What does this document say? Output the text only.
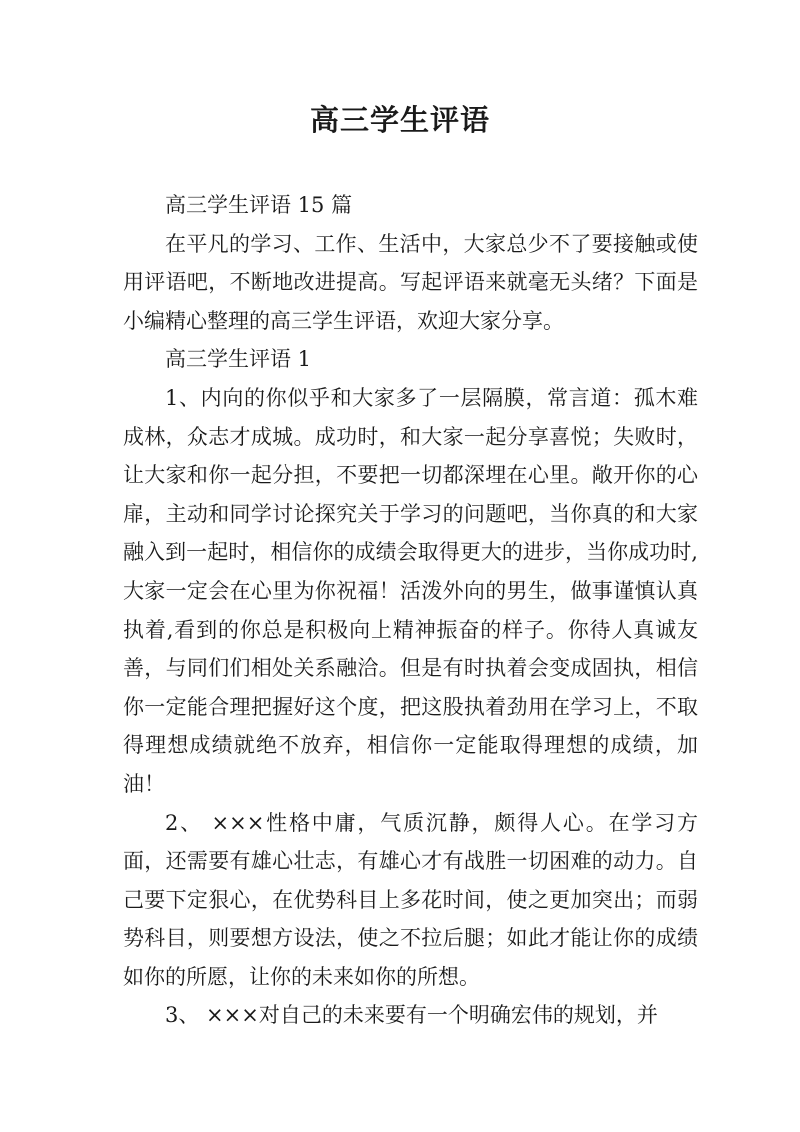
高三学生评语

高三学生评语 15 篇

在平凡的学习、工作、生活中，大家总少不了要接触或使用评语吧，不断地改进提高。写起评语来就毫无头绪？下面是小编精心整理的高三学生评语，欢迎大家分享。

高三学生评语 1

1、内向的你似乎和大家多了一层隔膜，常言道：孤木难成林，众志才成城。成功时，和大家一起分享喜悦；失败时，让大家和你一起分担，不要把一切都深埋在心里。敞开你的心扉，主动和同学讨论探究关于学习的问题吧，当你真的和大家融入到一起时，相信你的成绩会取得更大的进步，当你成功时,大家一定会在心里为你祝福！活泼外向的男生，做事谨慎认真执着,看到的你总是积极向上精神振奋的样子。你待人真诚友善，与同们们相处关系融洽。但是有时执着会变成固执，相信你一定能合理把握好这个度，把这股执着劲用在学习上，不取得理想成绩就绝不放弃，相信你一定能取得理想的成绩，加油！

2、 ×××性格中庸，气质沉静，颇得人心。在学习方面，还需要有雄心壮志，有雄心才有战胜一切困难的动力。自己要下定狠心，在优势科目上多花时间，使之更加突出；而弱势科目，则要想方设法，使之不拉后腿；如此才能让你的成绩如你的所愿，让你的未来如你的所想。

3、 ×××对自己的未来要有一个明确宏伟的规划，并
